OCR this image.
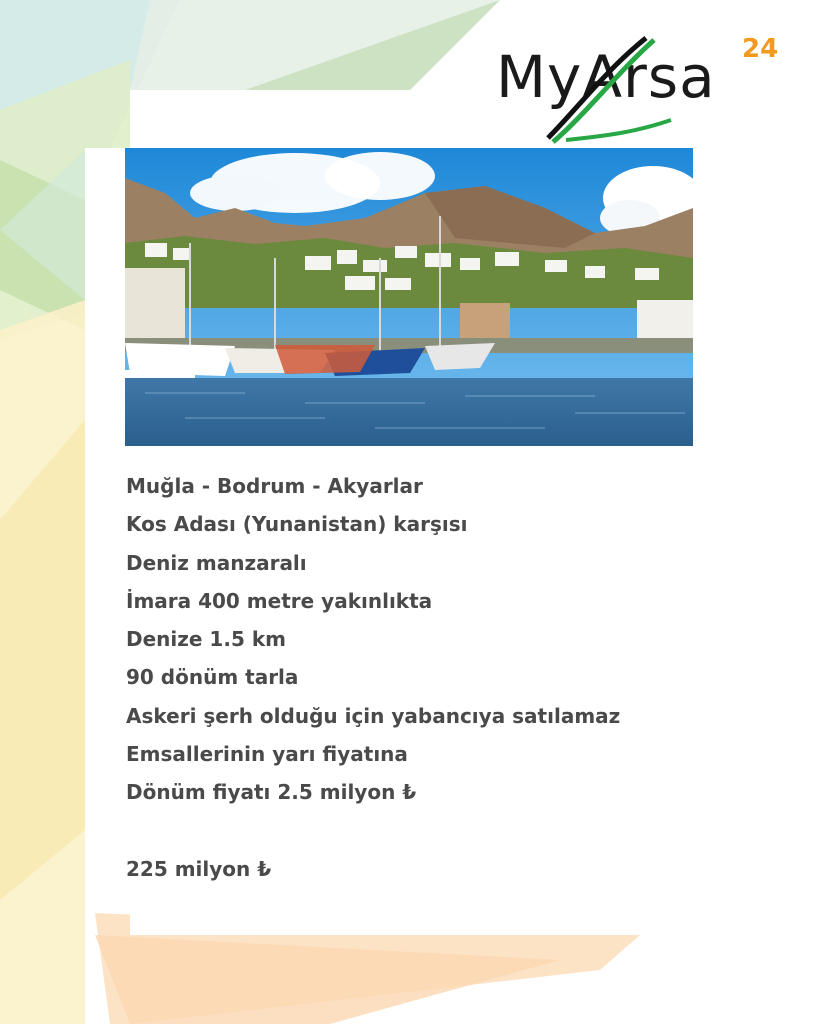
MyArsa 24
Muğla - Bodrum - Akyarlar
Kos Adası (Yunanistan) karşısı
Deniz manzaralı
İmara 400 metre yakınlıkta
Denize 1.5 km
90 dönüm tarla
Askeri şerh olduğu için yabancıya satılamaz
Emsallerinin yarı fiyatına
Dönüm fiyatı 2.5 milyon ₺
225 milyon ₺
